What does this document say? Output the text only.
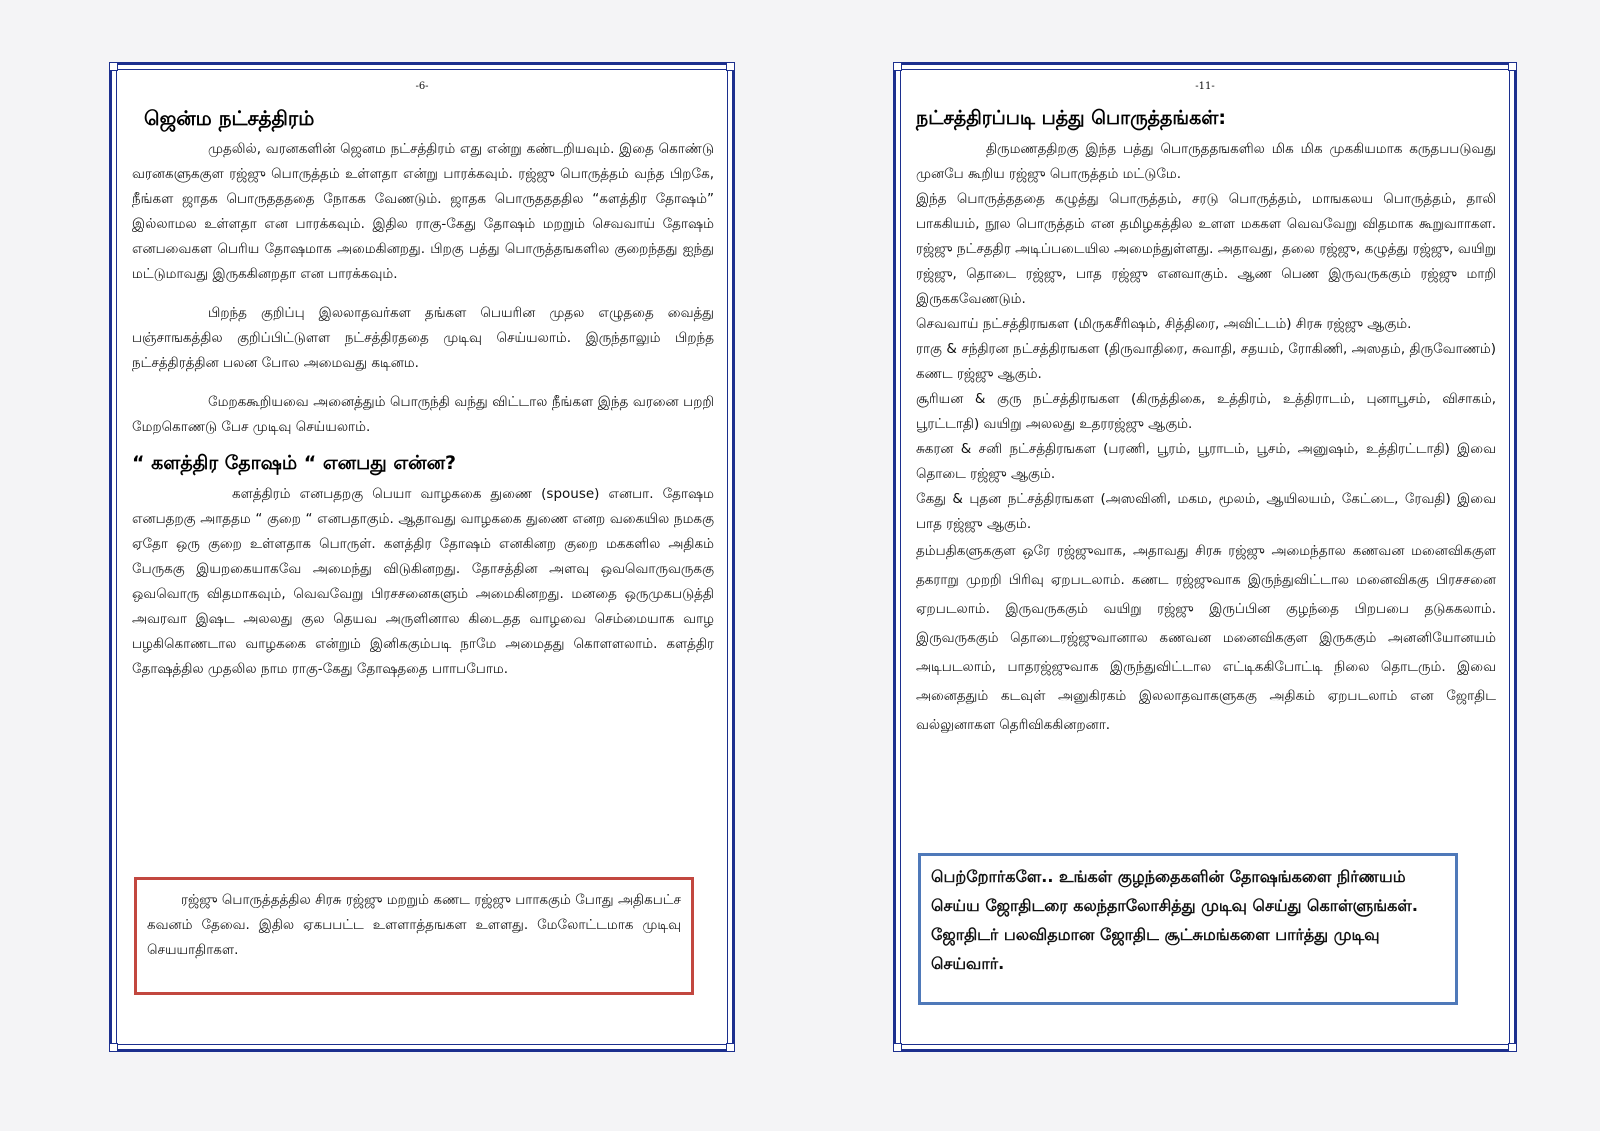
-6-
ஜென்ம நட்சத்திரம்

முதலில், வரனகளின் ஜெனம நட்சத்திரம் எது என்று கண்டறியவும். இதை கொண்டு வரனகளுககுள ரஜ்ஜு பொருத்தம் உள்ளதா என்று பாரக்கவும். ரஜ்ஜு பொருத்தம் வந்த பிறகே, நீங்கள ஜாதக பொருததததை நோகக வேணடும். ஜாதக பொருததததில “களத்திர தோஷம்” இல்லாமல உள்ளதா என பாரக்கவும். இதில ராகு-கேது தோஷம் மறறும் செவவாய் தோஷம் எனபவைகள பெரிய தோஷமாக அமைகினறது. பிறகு பத்து பொருத்தஙகளில குறைந்தது ஐந்து மட்டுமாவது இருககினறதா என பாரக்கவும்.

பிறந்த குறிப்பு இலலாதவர்கள தங்கள பெயரின முதல எழுததை வைத்து பஞ்சாஙகத்தில குறிப்பிட்டுளள நட்சத்திரததை முடிவு செய்யலாம். இருந்தாலும் பிறந்த நட்சத்திரத்தின பலன போல அமைவது கடினம.

மேறககூறியவை அனைத்தும் பொருந்தி வந்து விட்டால நீங்கள இந்த வரனை பறறி மேறகொணடு பேச முடிவு செய்யலாம்.

“ களத்திர தோஷம் “ எனபது என்ன?

களத்திரம் எனபதறகு பெயா வாழககை துணை (spouse) எனபா. தோஷம எனபதறகு அாததம “ குறை “ எனபதாகும். ஆதாவது வாழககை துணை எனற வகையில நமககு ஏதோ ஒரு குறை உள்ளதாக பொருள். களத்திர தோஷம் எனகினற குறை மககளில அதிகம் பேருககு இயறகையாகவே அமைந்து விடுகினறது. தோசத்தின அளவு ஒவவொருவருககு ஒவவொரு விதமாகவும், வெவவேறு பிரசசனைகளும் அமைகினறது. மனதை ஒருமுகபடுத்தி அவரவா இஷட அலலது குல தெயவ அருளினால கிடைதத வாழவை செம்மையாக வாழ பழகிகொணடால வாழககை என்றும் இனிககும்படி நாமே அமைதது கொளளலாம். களத்திர தோஷத்தில முதலில நாம ராகு-கேது தோஷததை பாாபபோம.

ரஜ்ஜு பொருத்தத்தில சிரசு ரஜ்ஜு மறறும் கணட ரஜ்ஜு பாாககும் போது அதிகபட்ச கவனம் தேவை. இதில ஏகபபட்ட உளளாத்தஙகள உளளது. மேலோட்டமாக முடிவு செயயாதிாகள.
-11-
நட்சத்திரப்படி பத்து பொருத்தங்கள்:

திருமணததிறகு இந்த பத்து பொருததஙகளில மிக மிக முககியமாக கருதபபடுவது முனபே கூறிய ரஜ்ஜு பொருத்தம் மட்டுமே.

இந்த பொருத்தததை கழுத்து பொருத்தம், சரடு பொருத்தம், மாஙகலய பொருத்தம், தாலி பாககியம், நூல பொருத்தம் என தமிழகத்தில உளள மககள வெவவேறு விதமாக கூறுவாாகள. ரஜ்ஜு நட்சததிர அடிப்படையில அமைந்துள்ளது. அதாவது, தலை ரஜ்ஜு, கழுத்து ரஜ்ஜு, வயிறு ரஜ்ஜு, தொடை ரஜ்ஜு, பாத ரஜ்ஜு எனவாகும். ஆண பெண இருவருககும் ரஜ்ஜு மாறி இருககவேணடும்.

செவவாய் நட்சத்திரஙகள (மிருகசீரிஷம், சித்திரை, அவிட்டம்) சிரசு ரஜ்ஜு ஆகும்.

ராகு & சந்திரன நட்சத்திரஙகள (திருவாதிரை, சுவாதி, சதயம், ரோகிணி, அஸதம், திருவோணம்) கணட ரஜ்ஜு ஆகும்.

சூரியன & குரு நட்சத்திரஙகள (கிருத்திகை, உத்திரம், உத்திராடம், புனாபூசம், விசாகம், பூரட்டாதி) வயிறு அலலது உதரரஜ்ஜு ஆகும்.

சுகரன & சனி நட்சத்திரஙகள (பரணி, பூரம், பூராடம், பூசம், அனுஷம், உத்திரட்டாதி) இவை தொடை ரஜ்ஜு ஆகும்.

கேது & புதன நட்சத்திரஙகள (அஸவினி, மகம, மூலம், ஆயிலயம், கேட்டை, ரேவதி) இவை பாத ரஜ்ஜு ஆகும்.

தம்பதிகளுககுள ஒரே ரஜ்ஜுவாக, அதாவது சிரசு ரஜ்ஜு அமைந்தால கணவன மனைவிககுள தகராறு முறறி பிரிவு ஏறபடலாம். கணட ரஜ்ஜுவாக இருந்துவிட்டால மனைவிககு பிரசசனை ஏறபடலாம். இருவருககும் வயிறு ரஜ்ஜு இருப்பின குழந்தை பிறபபை தடுககலாம். இருவருககும் தொடைரஜ்ஜுவானால கணவன மனைவிககுள இருககும் அனனியோனயம் அடிபடலாம், பாதரஜ்ஜுவாக இருந்துவிட்டால எட்டிககிபோட்டி நிலை தொடரும். இவை அனைததும் கடவுள் அனுகிரகம் இலலாதவாகளுககு அதிகம் ஏறபடலாம் என ஜோதிட வல்லுனாகள தெரிவிககினறனா.

பெற்றோர்களே.. உங்கள் குழந்தைகளின் தோஷங்களை நிர்ணயம் செய்ய ஜோதிடரை கலந்தாலோசித்து முடிவு செய்து கொள்ளுங்கள். ஜோதிடர் பலவிதமான ஜோதிட சூட்சுமங்களை பார்த்து முடிவு செய்வார்.
